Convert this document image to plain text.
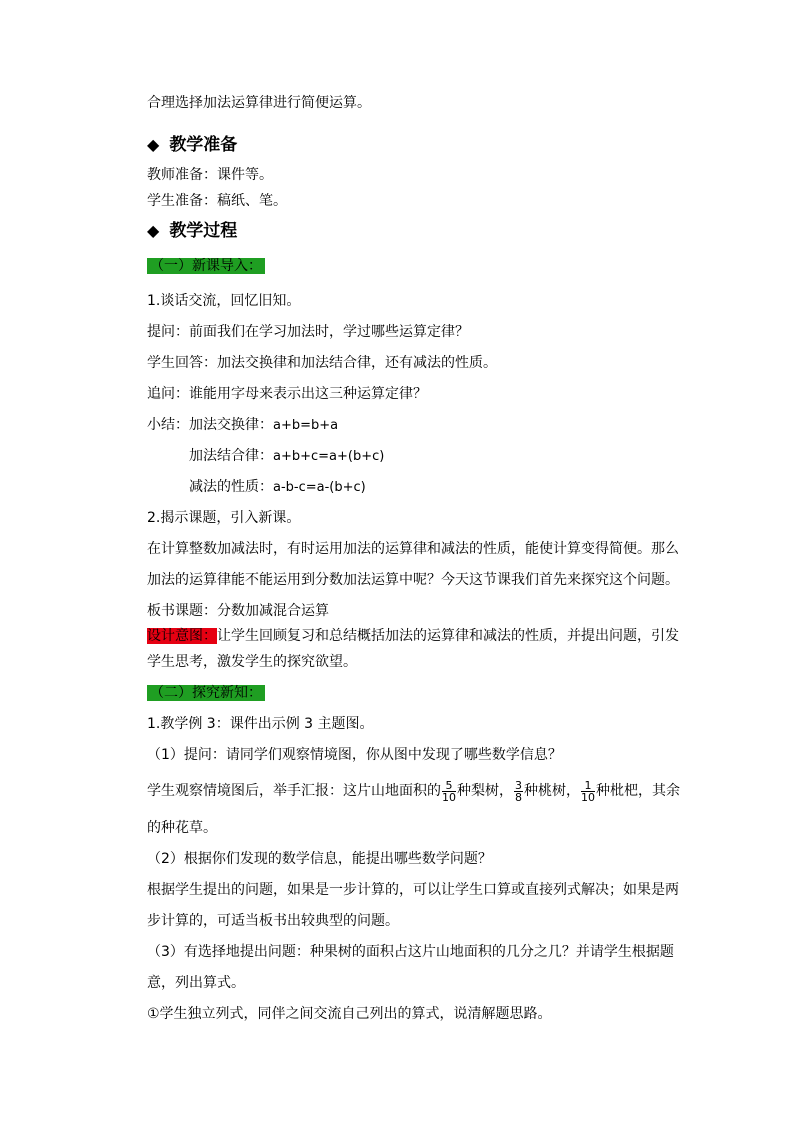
合理选择加法运算律进行简便运算。
◆ 教学准备
教师准备：课件等。
学生准备：稿纸、笔。
◆ 教学过程
（一）新课导入：
1.谈话交流，回忆旧知。
提问：前面我们在学习加法时，学过哪些运算定律？
学生回答：加法交换律和加法结合律，还有减法的性质。
追问：谁能用字母来表示出这三种运算定律？
小结：加法交换律：a+b=b+a
加法结合律：a+b+c=a+(b+c)
减法的性质：a-b-c=a-(b+c)
2.揭示课题，引入新课。
在计算整数加减法时，有时运用加法的运算律和减法的性质，能使计算变得简便。那么
加法的运算律能不能运用到分数加法运算中呢？今天这节课我们首先来探究这个问题。
板书课题：分数加减混合运算
设计意图：让学生回顾复习和总结概括加法的运算律和减法的性质，并提出问题，引发
学生思考，激发学生的探究欲望。
（二）探究新知：
1.教学例 3：课件出示例 3 主题图。
（1）提问：请同学们观察情境图，你从图中发现了哪些数学信息？
学生观察情境图后，举手汇报：这片山地面积的 $\frac{5}{10}$ 种梨树， $\frac{3}{8}$ 种桃树， $\frac{1}{10}$ 种枇杷，其余
的种花草。
（2）根据你们发现的数学信息，能提出哪些数学问题？
根据学生提出的问题，如果是一步计算的，可以让学生口算或直接列式解决；如果是两
步计算的，可适当板书出较典型的问题。
（3）有选择地提出问题：种果树的面积占这片山地面积的几分之几？并请学生根据题
意，列出算式。
①学生独立列式，同伴之间交流自己列出的算式，说清解题思路。
